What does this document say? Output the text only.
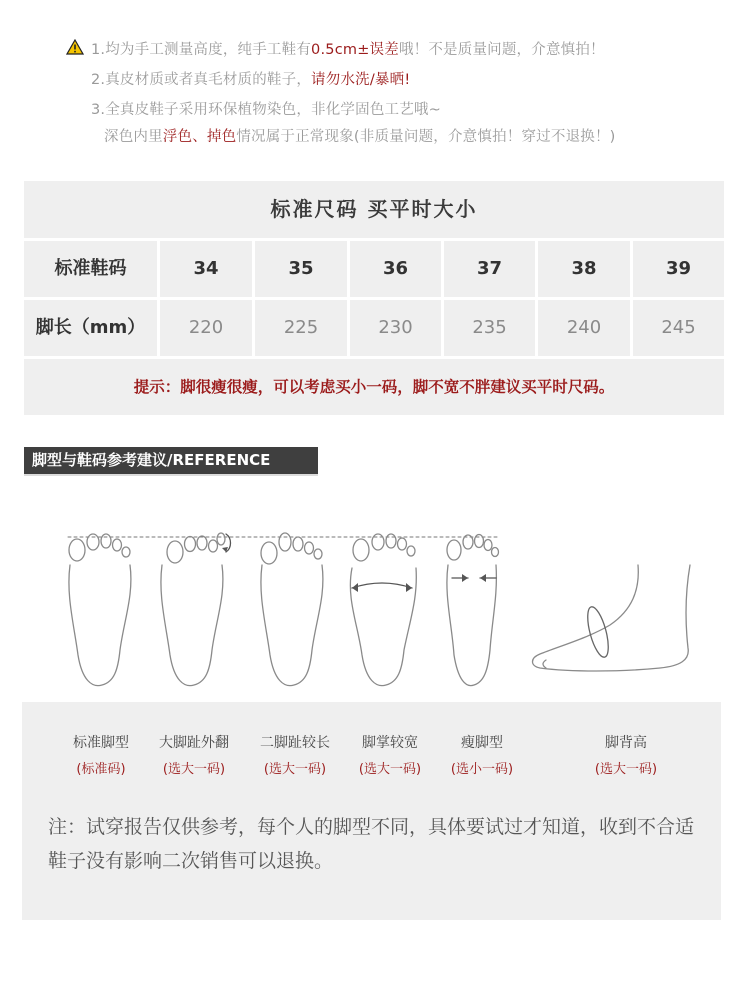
1.均为手工测量高度，纯手工鞋有0.5cm±误差哦！不是质量问题，介意慎拍！
2.真皮材质或者真毛材质的鞋子，请勿水洗/暴晒!
3.全真皮鞋子采用环保植物染色，非化学固色工艺哦~
深色内里浮色、掉色情况属于正常现象(非质量问题，介意慎拍！穿过不退换！)
标准尺码 买平时大小
标准鞋码	34	35	36	37	38	39
脚长（mm）	220	225	230	235	240	245
提示：脚很瘦很瘦，可以考虑买小一码，脚不宽不胖建议买平时尺码。
脚型与鞋码参考建议/REFERENCE
标准脚型
(标准码)
大脚趾外翻
(选大一码)
二脚趾较长
(选大一码)
脚掌较宽
(选大一码)
瘦脚型
(选小一码)
脚背高
(选大一码)
注：试穿报告仅供参考，每个人的脚型不同，具体要试过才知道，收到不合适鞋子没有影响二次销售可以退换。
